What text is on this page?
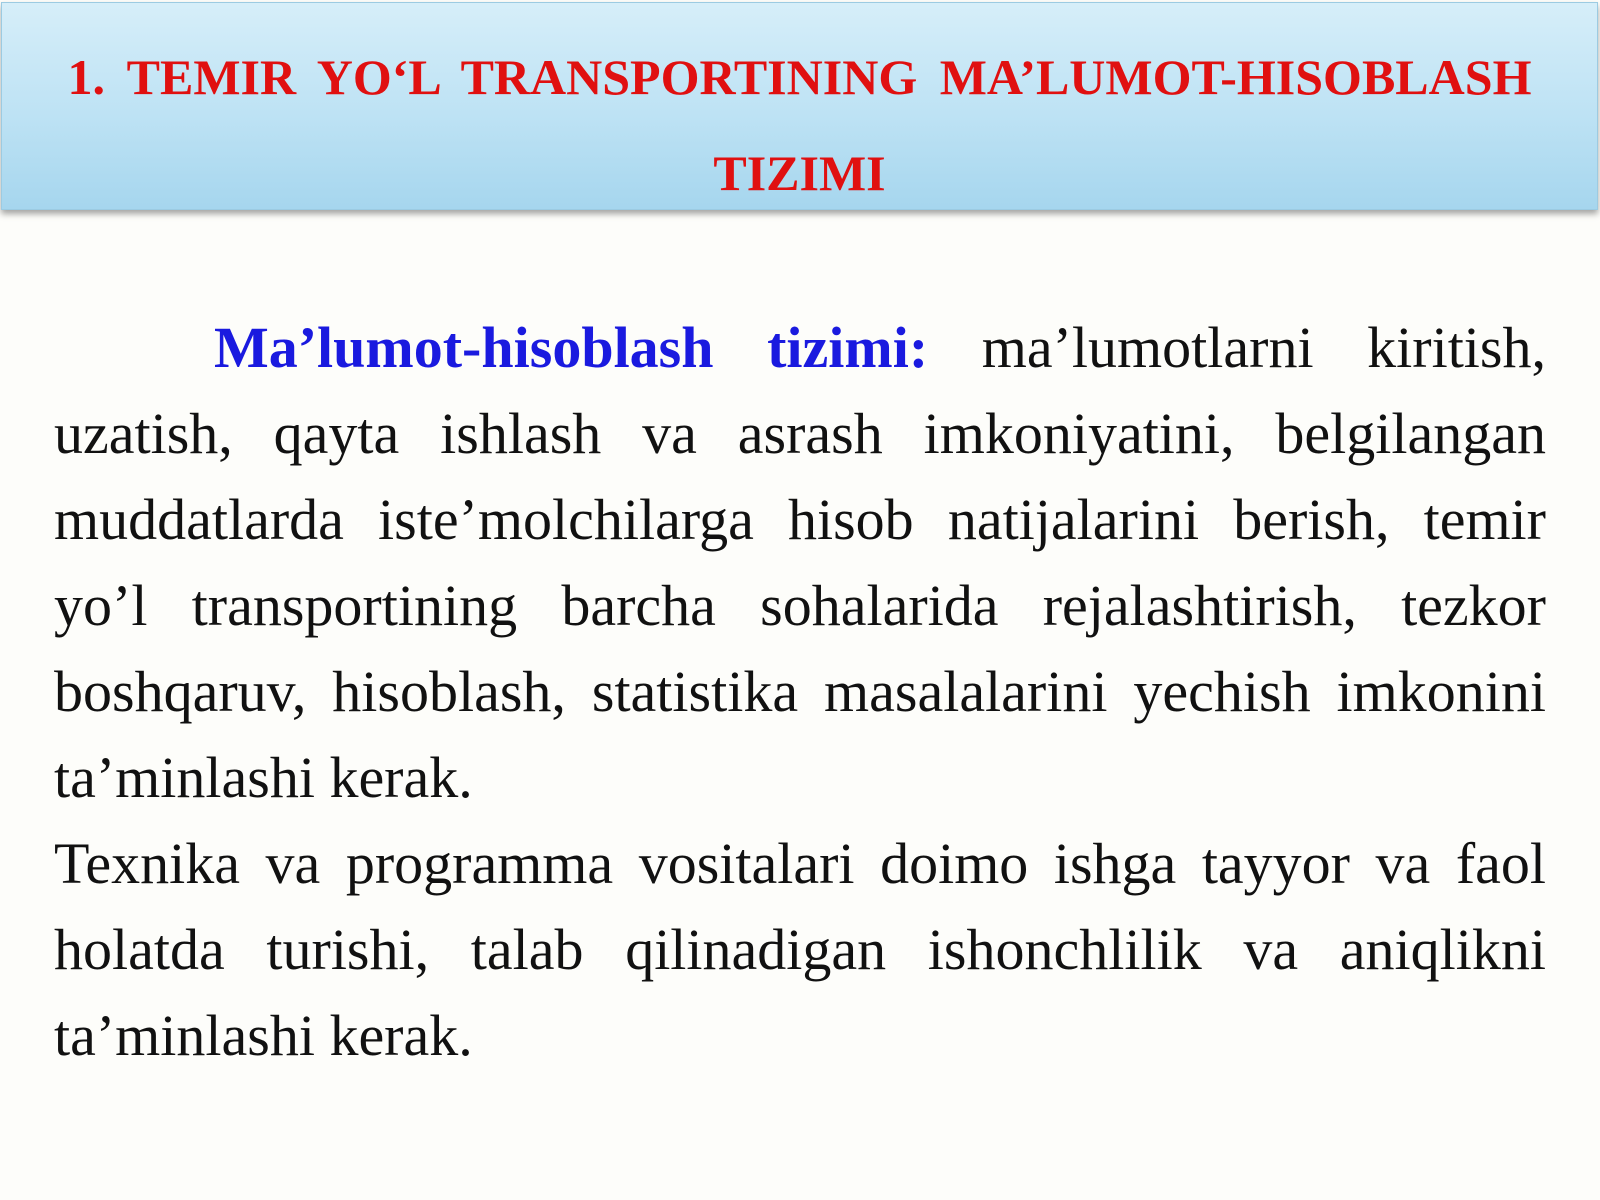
1. TEMIR YO‘L TRANSPORTINING MA’LUMOT-HISOBLASH
TIZIMI

Ma’lumot-hisoblash tizimi: ma’lumotlarni kiritish, uzatish, qayta ishlash va asrash imkoniyatini, belgilangan muddatlarda iste’molchilarga hisob natijalarini berish, temir yo’l transportining barcha sohalarida rejalashtirish, tezkor boshqaruv, hisoblash, statistika masalalarini yechish imkonini ta’minlashi kerak.

Texnika va programma vositalari doimo ishga tayyor va faol holatda turishi, talab qilinadigan ishonchlilik va aniqlikni ta’minlashi kerak.
